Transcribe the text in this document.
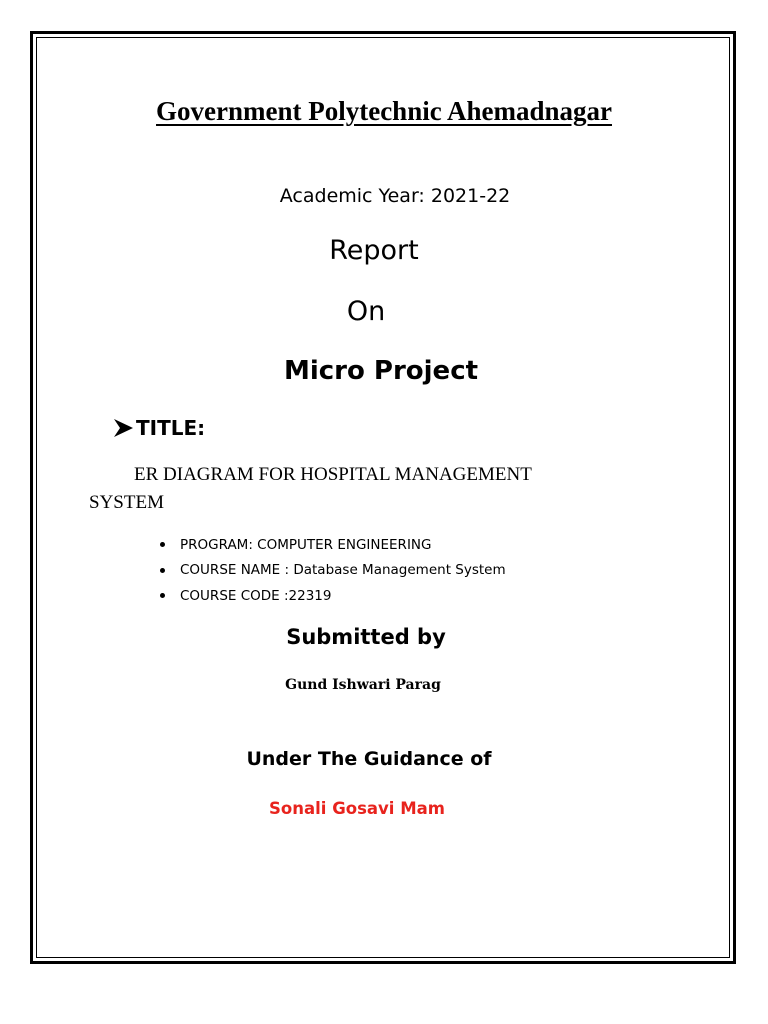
Government Polytechnic Ahemadnagar
Academic Year: 2021-22
Report
On
Micro Project
TITLE:
ER DIAGRAM FOR HOSPITAL MANAGEMENT
SYSTEM
PROGRAM: COMPUTER ENGINEERING
COURSE NAME : Database Management System
COURSE CODE :22319
Submitted by
Gund Ishwari Parag
Under The Guidance of
Sonali Gosavi Mam
